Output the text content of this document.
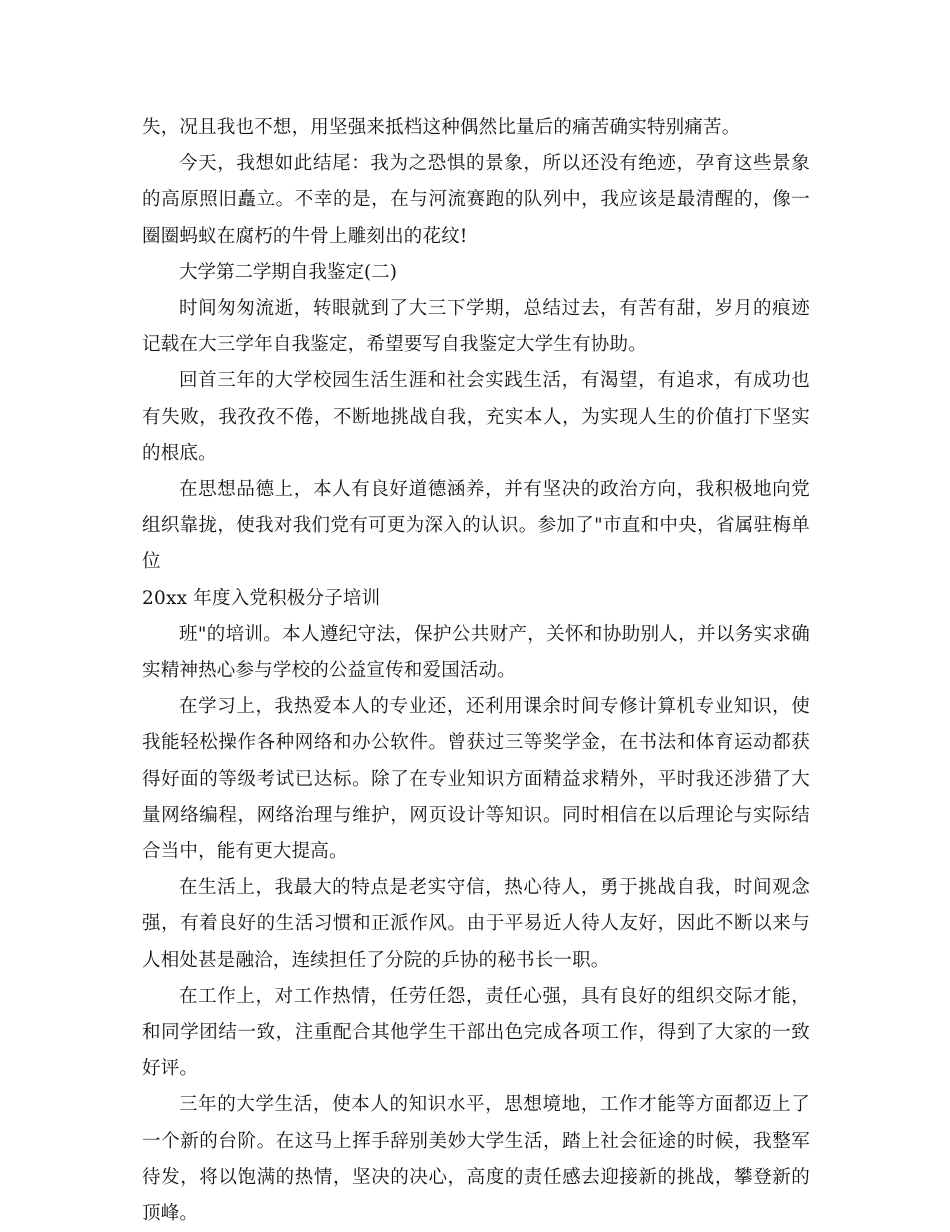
失，况且我也不想，用坚强来抵档这种偶然比量后的痛苦确实特别痛苦。

今天，我想如此结尾：我为之恐惧的景象，所以还没有绝迹，孕育这些景象的高原照旧矗立。不幸的是，在与河流赛跑的队列中，我应该是最清醒的，像一圈圈蚂蚁在腐朽的牛骨上雕刻出的花纹!

大学第二学期自我鉴定(二)

时间匆匆流逝，转眼就到了大三下学期，总结过去，有苦有甜，岁月的痕迹记载在大三学年自我鉴定，希望要写自我鉴定大学生有协助。

回首三年的大学校园生活生涯和社会实践生活，有渴望，有追求，有成功也有失败，我孜孜不倦，不断地挑战自我，充实本人，为实现人生的价值打下坚实的根底。

在思想品德上，本人有良好道德涵养，并有坚决的政治方向，我积极地向党组织靠拢，使我对我们党有可更为深入的认识。参加了"市直和中央，省属驻梅单位

20xx 年度入党积极分子培训

班"的培训。本人遵纪守法，保护公共财产，关怀和协助别人，并以务实求确实精神热心参与学校的公益宣传和爱国活动。

在学习上，我热爱本人的专业还，还利用课余时间专修计算机专业知识，使我能轻松操作各种网络和办公软件。曾获过三等奖学金，在书法和体育运动都获得好面的等级考试已达标。除了在专业知识方面精益求精外，平时我还涉猎了大量网络编程，网络治理与维护，网页设计等知识。同时相信在以后理论与实际结合当中，能有更大提高。

在生活上，我最大的特点是老实守信，热心待人，勇于挑战自我，时间观念强，有着良好的生活习惯和正派作风。由于平易近人待人友好，因此不断以来与人相处甚是融洽，连续担任了分院的乒协的秘书长一职。

在工作上，对工作热情，任劳任怨，责任心强，具有良好的组织交际才能，和同学团结一致，注重配合其他学生干部出色完成各项工作，得到了大家的一致好评。

三年的大学生活，使本人的知识水平，思想境地，工作才能等方面都迈上了一个新的台阶。在这马上挥手辞别美妙大学生活，踏上社会征途的时候，我整军待发，将以饱满的热情，坚决的决心，高度的责任感去迎接新的挑战，攀登新的顶峰。
